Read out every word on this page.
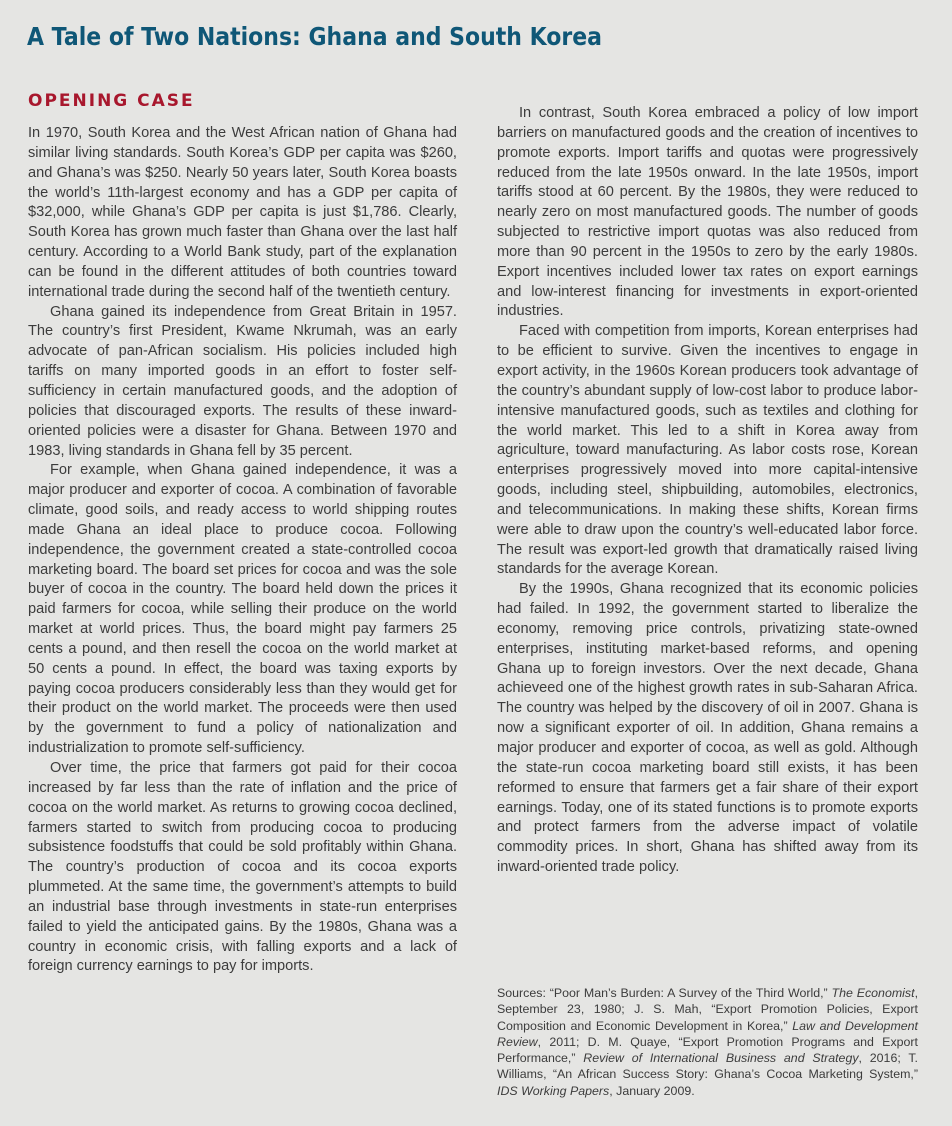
A Tale of Two Nations: Ghana and South Korea
OPENING CASE

In 1970, South Korea and the West African nation of Ghana had similar living standards. South Korea’s GDP per capita was $260, and Ghana’s was $250. Nearly 50 years later, South Korea boasts the world’s 11th-largest economy and has a GDP per capita of $32,000, while Ghana’s GDP per capita is just $1,786. Clearly, South Korea has grown much faster than Ghana over the last half century. According to a World Bank study, part of the explanation can be found in the different attitudes of both countries toward international trade during the second half of the twentieth century.

Ghana gained its independence from Great Britain in 1957. The country’s first President, Kwame Nkrumah, was an early advocate of pan-African socialism. His policies included high tariffs on many imported goods in an effort to foster self-sufficiency in certain manufactured goods, and the adoption of policies that discouraged exports. The results of these inward-oriented policies were a disaster for Ghana. Between 1970 and 1983, living standards in Ghana fell by 35 percent.

For example, when Ghana gained independence, it was a major producer and exporter of cocoa. A combination of favorable climate, good soils, and ready access to world shipping routes made Ghana an ideal place to produce cocoa. Following independence, the government created a state-controlled cocoa marketing board. The board set prices for cocoa and was the sole buyer of cocoa in the country. The board held down the prices it paid farmers for cocoa, while selling their produce on the world market at world prices. Thus, the board might pay farmers 25 cents a pound, and then resell the cocoa on the world market at 50 cents a pound. In effect, the board was taxing exports by paying cocoa producers considerably less than they would get for their product on the world market. The proceeds were then used by the government to fund a policy of nationalization and industrialization to promote self-sufficiency.

Over time, the price that farmers got paid for their cocoa increased by far less than the rate of inflation and the price of cocoa on the world market. As returns to growing cocoa declined, farmers started to switch from producing cocoa to producing subsistence foodstuffs that could be sold profitably within Ghana. The country’s production of cocoa and its cocoa exports plummeted. At the same time, the government’s attempts to build an industrial base through investments in state-run enterprises failed to yield the anticipated gains. By the 1980s, Ghana was a country in economic crisis, with falling exports and a lack of foreign currency earnings to pay for imports.

In contrast, South Korea embraced a policy of low import barriers on manufactured goods and the creation of incentives to promote exports. Import tariffs and quotas were progressively reduced from the late 1950s onward. In the late 1950s, import tariffs stood at 60 percent. By the 1980s, they were reduced to nearly zero on most manufactured goods. The number of goods subjected to restrictive import quotas was also reduced from more than 90 percent in the 1950s to zero by the early 1980s. Export incentives included lower tax rates on export earnings and low-interest financing for investments in export-oriented industries.

Faced with competition from imports, Korean enterprises had to be efficient to survive. Given the incentives to engage in export activity, in the 1960s Korean producers took advantage of the country’s abundant supply of low-cost labor to produce labor-intensive manufactured goods, such as textiles and clothing for the world market. This led to a shift in Korea away from agriculture, toward manufacturing. As labor costs rose, Korean enterprises progressively moved into more capital-intensive goods, including steel, shipbuilding, automobiles, electronics, and telecommunications. In making these shifts, Korean firms were able to draw upon the country’s well-educated labor force. The result was export-led growth that dramatically raised living standards for the average Korean.

By the 1990s, Ghana recognized that its economic policies had failed. In 1992, the government started to liberalize the economy, removing price controls, privatizing state-owned enterprises, instituting market-based reforms, and opening Ghana up to foreign investors. Over the next decade, Ghana achieveed one of the highest growth rates in sub-Saharan Africa. The country was helped by the discovery of oil in 2007. Ghana is now a significant exporter of oil. In addition, Ghana remains a major producer and exporter of cocoa, as well as gold. Although the state-run cocoa marketing board still exists, it has been reformed to ensure that farmers get a fair share of their export earnings. Today, one of its stated functions is to promote exports and protect farmers from the adverse impact of volatile commodity prices. In short, Ghana has shifted away from its inward-oriented trade policy.

Sources: “Poor Man’s Burden: A Survey of the Third World,” The Economist, September 23, 1980; J. S. Mah, “Export Promotion Policies, Export Composition and Economic Development in Korea,” Law and Development Review, 2011; D. M. Quaye, “Export Promotion Programs and Export Performance,” Review of International Business and Strategy, 2016; T. Williams, “An African Success Story: Ghana’s Cocoa Marketing System,” IDS Working Papers, January 2009.
